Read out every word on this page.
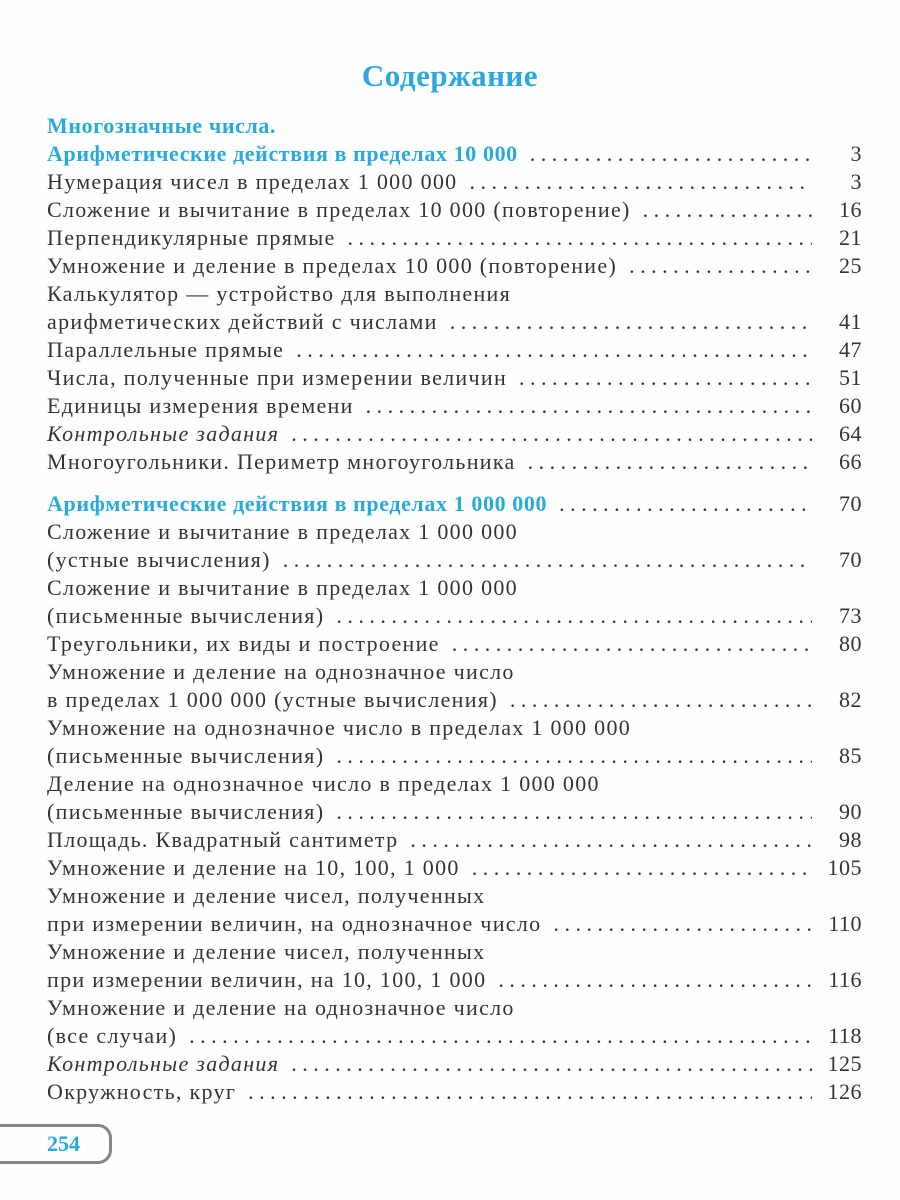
Содержание
Многозначные числа.
Арифметические действия в пределах 10 000 . . .	3
Нумерация чисел в пределах 1 000 000 . . .	3
Сложение и вычитание в пределах 10 000 (повторение) . . .	16
Перпендикулярные прямые . . .	21
Умножение и деление в пределах 10 000 (повторение) . . .	25
Калькулятор — устройство для выполнения
арифметических действий с числами . . .	41
Параллельные прямые . . .	47
Числа, полученные при измерении величин . . .	51
Единицы измерения времени . . .	60
Контрольные задания . . .	64
Многоугольники. Периметр многоугольника . . .	66
Арифметические действия в пределах 1 000 000 . . .	70
Сложение и вычитание в пределах 1 000 000
(устные вычисления) . . .	70
Сложение и вычитание в пределах 1 000 000
(письменные вычисления) . . .	73
Треугольники, их виды и построение . . .	80
Умножение и деление на однозначное число
в пределах 1 000 000 (устные вычисления) . . .	82
Умножение на однозначное число в пределах 1 000 000
(письменные вычисления) . . .	85
Деление на однозначное число в пределах 1 000 000
(письменные вычисления) . . .	90
Площадь. Квадратный сантиметр . . .	98
Умножение и деление на 10, 100, 1 000 . . .	105
Умножение и деление чисел, полученных
при измерении величин, на однозначное число . . .	110
Умножение и деление чисел, полученных
при измерении величин, на 10, 100, 1 000 . . .	116
Умножение и деление на однозначное число
(все случаи) . . .	118
Контрольные задания . . .	125
Окружность, круг . . .	126
254
